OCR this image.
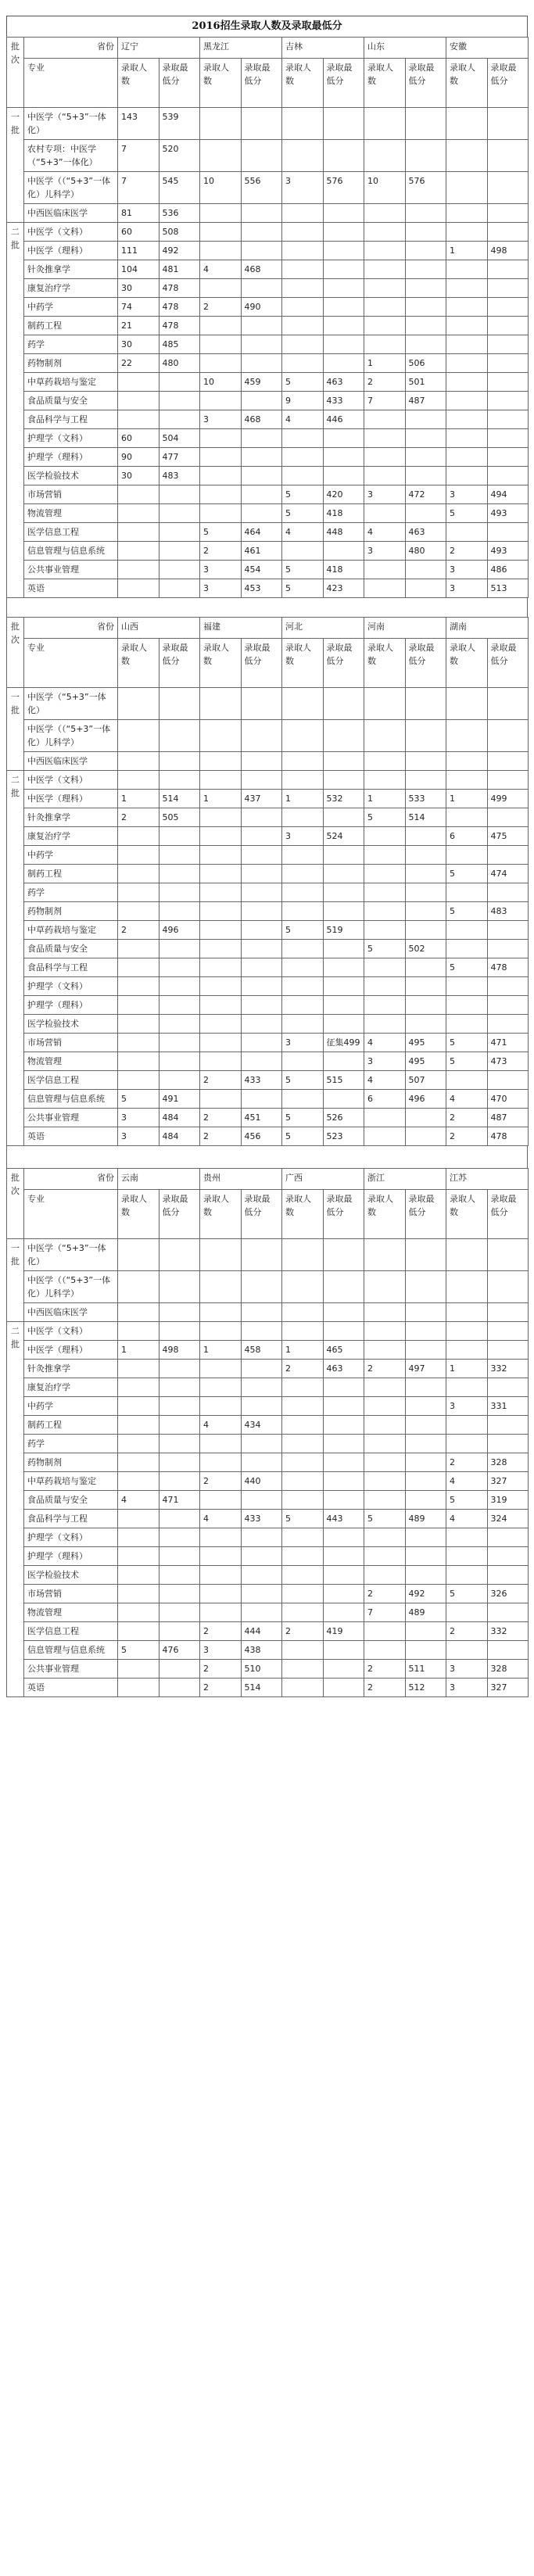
2016招生录取人数及录取最低分
批次	省份	辽宁		黑龙江		吉林		山东		安徽	
	专业	录取人数	录取最低分	录取人数	录取最低分	录取人数	录取最低分	录取人数	录取最低分	录取人数	录取最低分
一批	中医学（“5+3”一体化）	143	539								
	农村专项：中医学（“5+3”一体化）	7	520								
	中医学（（“5+3”一体化）儿科学）	7	545	10	556	3	576	10	576		
	中西医临床医学	81	536								
二批	中医学（文科）	60	508								
	中医学（理科）	111	492							1	498
	针灸推拿学	104	481	4	468						
	康复治疗学	30	478								
	中药学	74	478	2	490						
	制药工程	21	478								
	药学	30	485								
	药物制剂	22	480					1	506		
	中草药栽培与鉴定			10	459	5	463	2	501		
	食品质量与安全					9	433	7	487		
	食品科学与工程			3	468	4	446				
	护理学（文科）	60	504								
	护理学（理科）	90	477								
	医学检验技术	30	483								
	市场营销					5	420	3	472	3	494
	物流管理					5	418			5	493
	医学信息工程			5	464	4	448	4	463		
	信息管理与信息系统			2	461			3	480	2	493
	公共事业管理			3	454	5	418			3	486
	英语			3	453	5	423			3	513
批次	省份	山西		福建		河北		河南		湖南	
	专业	录取人数	录取最低分	录取人数	录取最低分	录取人数	录取最低分	录取人数	录取最低分	录取人数	录取最低分
一批	中医学（“5+3”一体化）										
	中医学（（“5+3”一体化）儿科学）										
	中西医临床医学										
二批	中医学（文科）										
	中医学（理科）	1	514	1	437	1	532	1	533	1	499
	针灸推拿学	2	505					5	514		
	康复治疗学					3	524			6	475
	中药学										
	制药工程									5	474
	药学										
	药物制剂									5	483
	中草药栽培与鉴定	2	496			5	519				
	食品质量与安全							5	502		
	食品科学与工程									5	478
	护理学（文科）										
	护理学（理科）										
	医学检验技术										
	市场营销					3	征集499	4	495	5	471
	物流管理							3	495	5	473
	医学信息工程			2	433	5	515	4	507		
	信息管理与信息系统	5	491					6	496	4	470
	公共事业管理	3	484	2	451	5	526			2	487
	英语	3	484	2	456	5	523			2	478
批次	省份	云南		贵州		广西		浙江		江苏	
	专业	录取人数	录取最低分	录取人数	录取最低分	录取人数	录取最低分	录取人数	录取最低分	录取人数	录取最低分
一批	中医学（“5+3”一体化）										
	中医学（（“5+3”一体化）儿科学）										
	中西医临床医学										
二批	中医学（文科）										
	中医学（理科）	1	498	1	458	1	465				
	针灸推拿学					2	463	2	497	1	332
	康复治疗学										
	中药学									3	331
	制药工程			4	434						
	药学										
	药物制剂									2	328
	中草药栽培与鉴定			2	440					4	327
	食品质量与安全	4	471							5	319
	食品科学与工程			4	433	5	443	5	489	4	324
	护理学（文科）										
	护理学（理科）										
	医学检验技术										
	市场营销							2	492	5	326
	物流管理							7	489		
	医学信息工程			2	444	2	419			2	332
	信息管理与信息系统	5	476	3	438						
	公共事业管理			2	510			2	511	3	328
	英语			2	514			2	512	3	327
